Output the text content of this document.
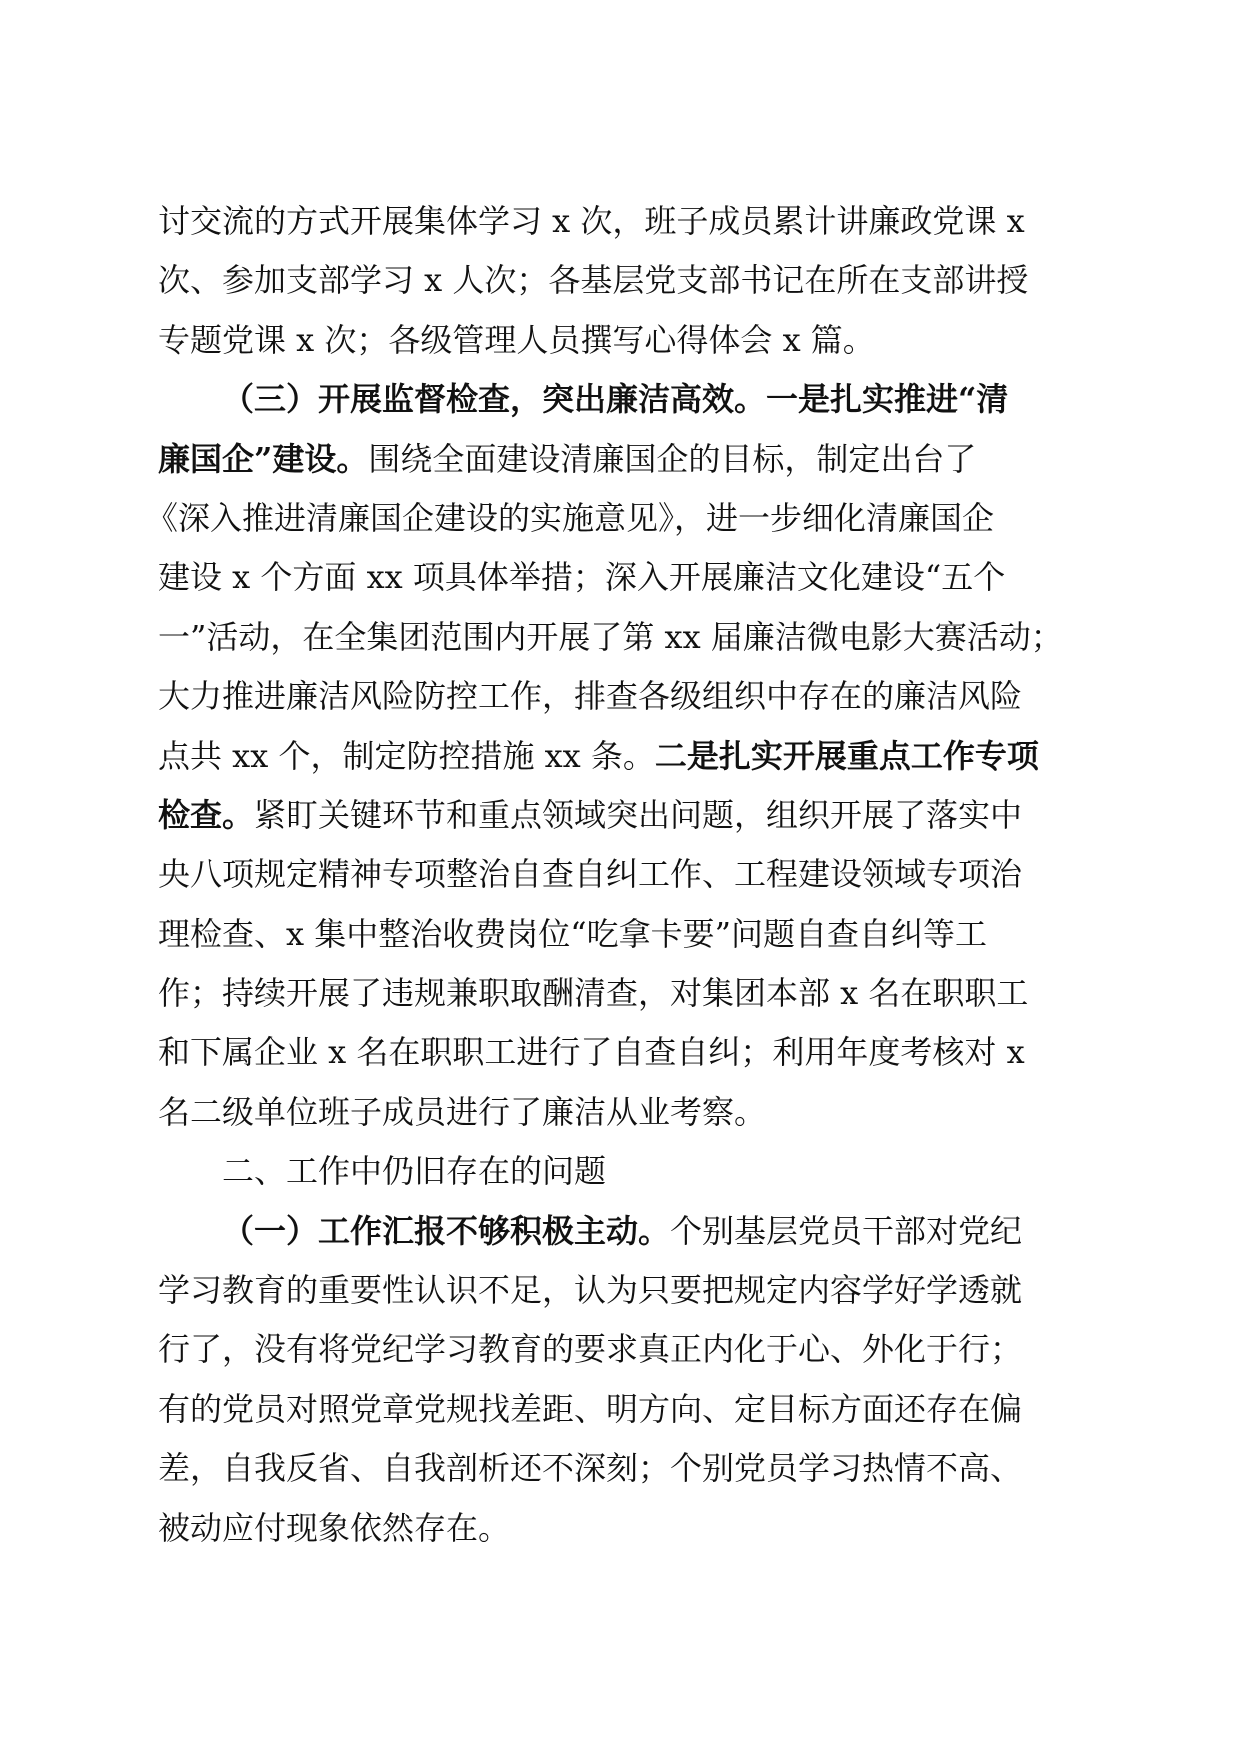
讨交流的方式开展集体学习 x 次，班子成员累计讲廉政党课 x
次、参加支部学习 x 人次；各基层党支部书记在所在支部讲授
专题党课 x 次；各级管理人员撰写心得体会 x 篇。
（三）开展监督检查，突出廉洁高效。一是扎实推进“清
廉国企”建设。围绕全面建设清廉国企的目标，制定出台了
《深入推进清廉国企建设的实施意见》，进一步细化清廉国企
建设 x 个方面 xx 项具体举措；深入开展廉洁文化建设“五个
一”活动，在全集团范围内开展了第 xx 届廉洁微电影大赛活动；
大力推进廉洁风险防控工作，排查各级组织中存在的廉洁风险
点共 xx 个，制定防控措施 xx 条。二是扎实开展重点工作专项
检查。紧盯关键环节和重点领域突出问题，组织开展了落实中
央八项规定精神专项整治自查自纠工作、工程建设领域专项治
理检查、x 集中整治收费岗位“吃拿卡要”问题自查自纠等工
作；持续开展了违规兼职取酬清查，对集团本部 x 名在职职工
和下属企业 x 名在职职工进行了自查自纠；利用年度考核对 x
名二级单位班子成员进行了廉洁从业考察。
二、工作中仍旧存在的问题
（一）工作汇报不够积极主动。个别基层党员干部对党纪
学习教育的重要性认识不足，认为只要把规定内容学好学透就
行了，没有将党纪学习教育的要求真正内化于心、外化于行；
有的党员对照党章党规找差距、明方向、定目标方面还存在偏
差，自我反省、自我剖析还不深刻；个别党员学习热情不高、
被动应付现象依然存在。
